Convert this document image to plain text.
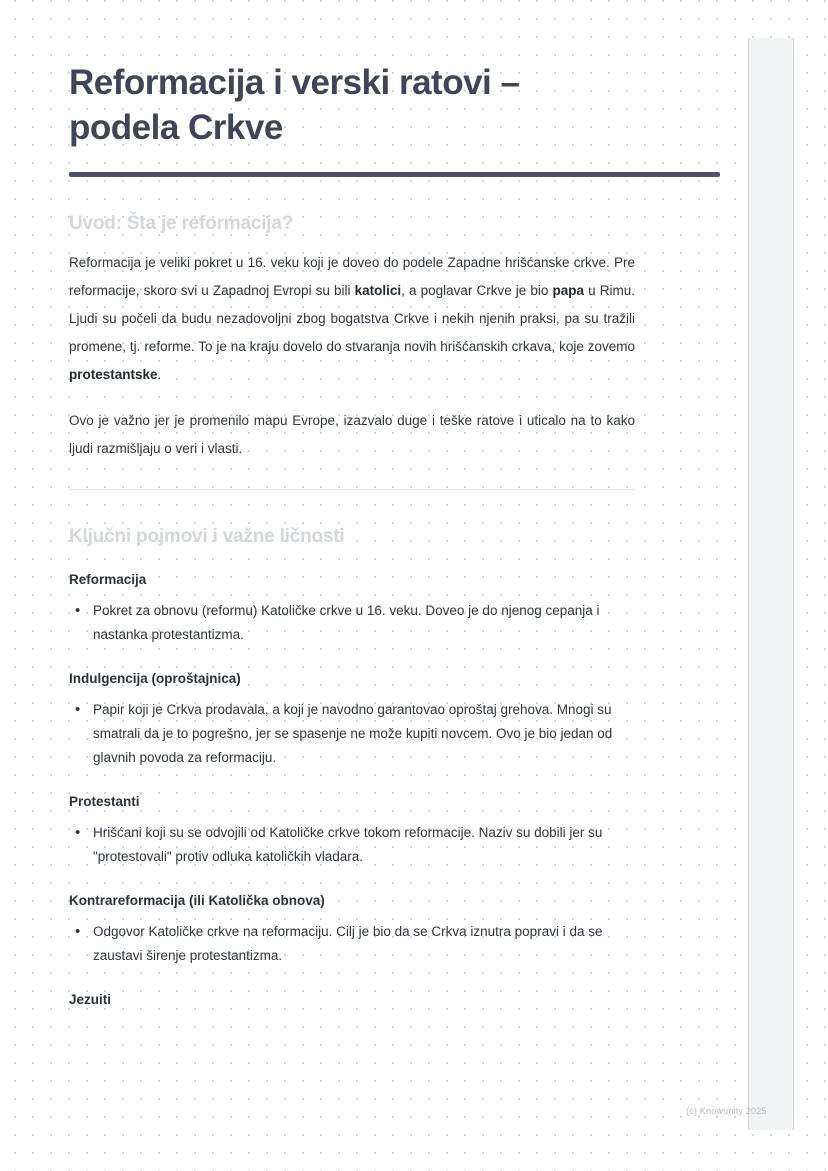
Reformacija i verski ratovi – podela Crkve
Uvod: Šta je reformacija?

Reformacija je veliki pokret u 16. veku koji je doveo do podele Zapadne hrišćanske crkve. Pre reformacije, skoro svi u Zapadnoj Evropi su bili katolici, a poglavar Crkve je bio papa u Rimu. Ljudi su počeli da budu nezadovoljni zbog bogatstva Crkve i nekih njenih praksi, pa su tražili promene, tj. reforme. To je na kraju dovelo do stvaranja novih hrišćanskih crkava, koje zovemo protestantske.

Ovo je važno jer je promenilo mapu Evrope, izazvalo duge i teške ratove i uticalo na to kako ljudi razmišljaju o veri i vlasti.

Ključni pojmovi i važne ličnosti
Reformacija
• Pokret za obnovu (reformu) Katoličke crkve u 16. veku. Doveo je do njenog cepanja i nastanka protestantizma.
Indulgencija (oproštajnica)
• Papir koji je Crkva prodavala, a koji je navodno garantovao oproštaj grehova. Mnogi su smatrali da je to pogrešno, jer se spasenje ne može kupiti novcem. Ovo je bio jedan od glavnih povoda za reformaciju.
Protestanti
• Hrišćani koji su se odvojili od Katoličke crkve tokom reformacije. Naziv su dobili jer su "protestovali" protiv odluka katoličkih vladara.
Kontrareformacija (ili Katolička obnova)
• Odgovor Katoličke crkve na reformaciju. Cilj je bio da se Crkva iznutra popravi i da se zaustavi širenje protestantizma.
Jezuiti
(c) Knowunity 2025
